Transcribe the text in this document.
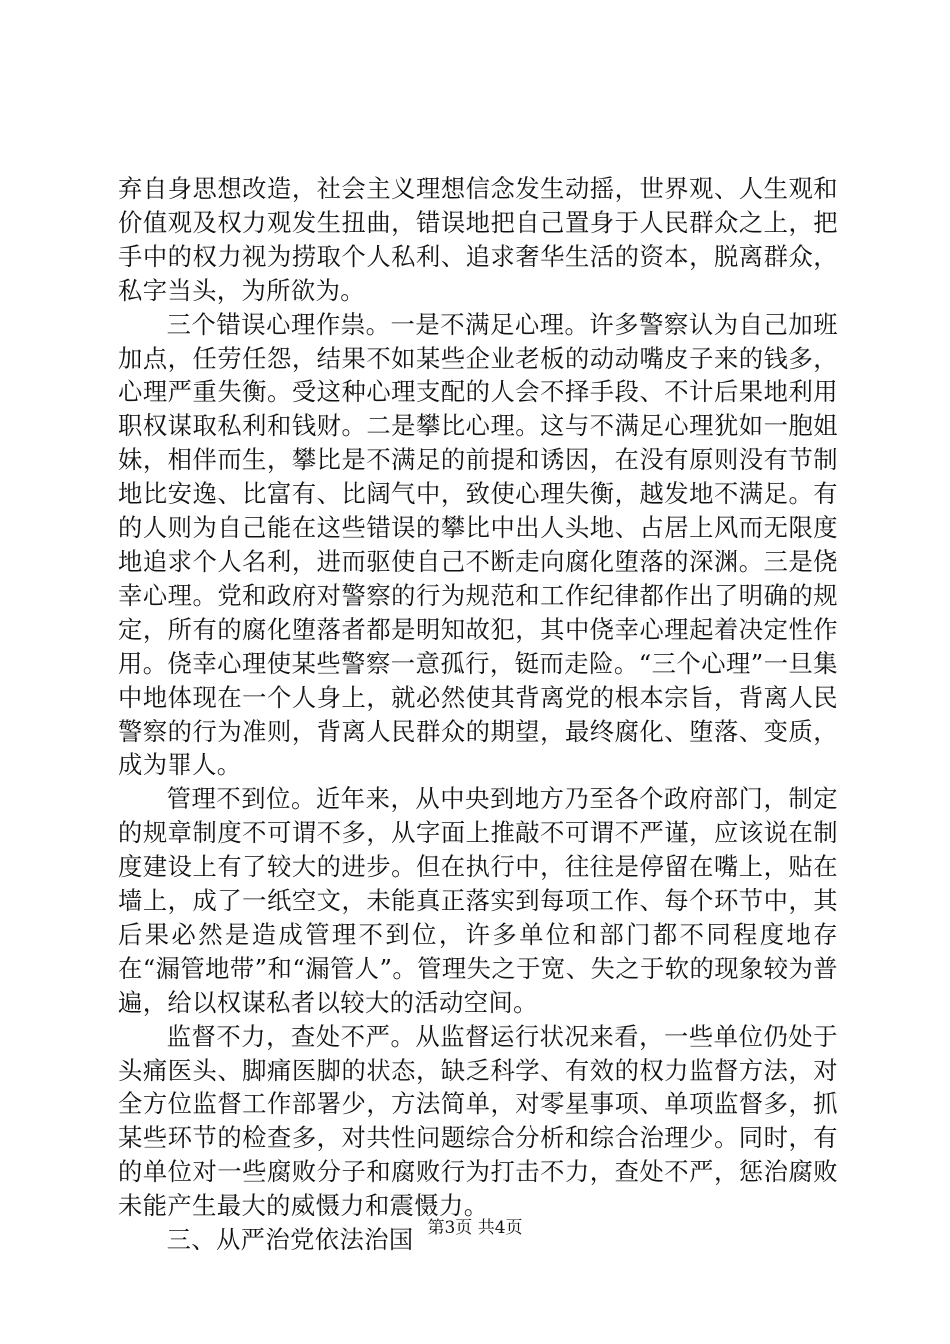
弃自身思想改造，社会主义理想信念发生动摇，世界观、人生观和价值观及权力观发生扭曲，错误地把自己置身于人民群众之上，把手中的权力视为捞取个人私利、追求奢华生活的资本，脱离群众，私字当头，为所欲为。

三个错误心理作祟。一是不满足心理。许多警察认为自己加班加点，任劳任怨，结果不如某些企业老板的动动嘴皮子来的钱多，心理严重失衡。受这种心理支配的人会不择手段、不计后果地利用职权谋取私利和钱财。二是攀比心理。这与不满足心理犹如一胞姐妹，相伴而生，攀比是不满足的前提和诱因，在没有原则没有节制地比安逸、比富有、比阔气中，致使心理失衡，越发地不满足。有的人则为自己能在这些错误的攀比中出人头地、占居上风而无限度地追求个人名利，进而驱使自己不断走向腐化堕落的深渊。三是侥幸心理。党和政府对警察的行为规范和工作纪律都作出了明确的规定，所有的腐化堕落者都是明知故犯，其中侥幸心理起着决定性作用。侥幸心理使某些警察一意孤行，铤而走险。“三个心理”一旦集中地体现在一个人身上，就必然使其背离党的根本宗旨，背离人民警察的行为准则，背离人民群众的期望，最终腐化、堕落、变质，成为罪人。

管理不到位。近年来，从中央到地方乃至各个政府部门，制定的规章制度不可谓不多，从字面上推敲不可谓不严谨，应该说在制度建设上有了较大的进步。但在执行中，往往是停留在嘴上，贴在墙上，成了一纸空文，未能真正落实到每项工作、每个环节中，其后果必然是造成管理不到位，许多单位和部门都不同程度地存在“漏管地带”和“漏管人”。管理失之于宽、失之于软的现象较为普遍，给以权谋私者以较大的活动空间。

监督不力，查处不严。从监督运行状况来看，一些单位仍处于头痛医头、脚痛医脚的状态，缺乏科学、有效的权力监督方法，对全方位监督工作部署少，方法简单，对零星事项、单项监督多，抓某些环节的检查多，对共性问题综合分析和综合治理少。同时，有的单位对一些腐败分子和腐败行为打击不力，查处不严，惩治腐败未能产生最大的威慑力和震慑力。

三、从严治党依法治国 第3页 共4页
